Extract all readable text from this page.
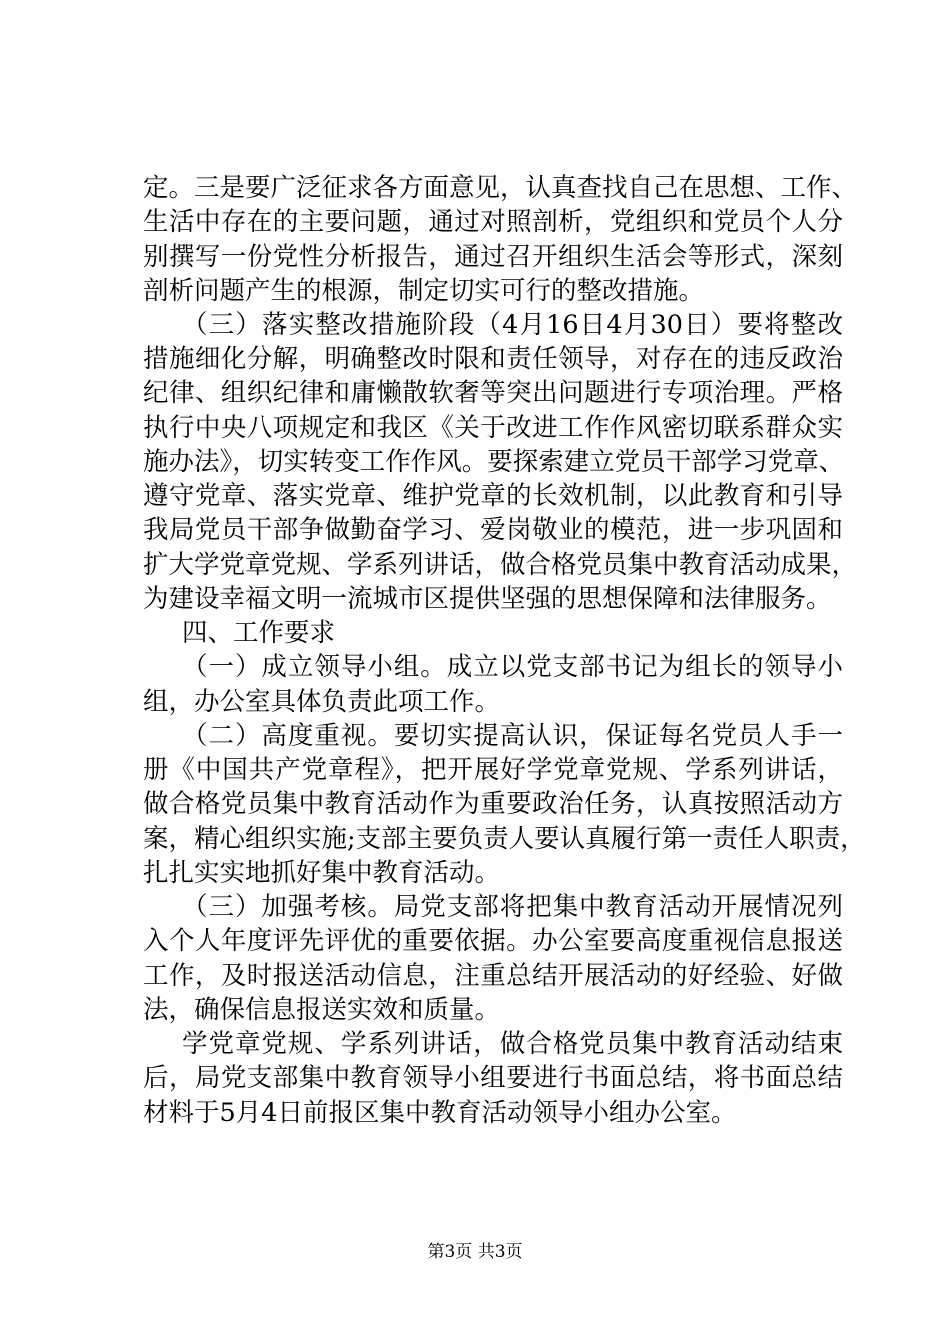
定。三是要广泛征求各方面意见，认真查找自己在思想、工作、
生活中存在的主要问题，通过对照剖析，党组织和党员个人分
别撰写一份党性分析报告，通过召开组织生活会等形式，深刻
剖析问题产生的根源，制定切实可行的整改措施。
（三）落实整改措施阶段（4月16日4月30日）要将整改
措施细化分解，明确整改时限和责任领导，对存在的违反政治
纪律、组织纪律和庸懒散软奢等突出问题进行专项治理。严格
执行中央八项规定和我区《关于改进工作作风密切联系群众实
施办法》，切实转变工作作风。要探索建立党员干部学习党章、
遵守党章、落实党章、维护党章的长效机制，以此教育和引导
我局党员干部争做勤奋学习、爱岗敬业的模范，进一步巩固和
扩大学党章党规、学系列讲话，做合格党员集中教育活动成果，
为建设幸福文明一流城市区提供坚强的思想保障和法律服务。
四、工作要求
（一）成立领导小组。成立以党支部书记为组长的领导小
组，办公室具体负责此项工作。
（二）高度重视。要切实提高认识，保证每名党员人手一
册《中国共产党章程》，把开展好学党章党规、学系列讲话，
做合格党员集中教育活动作为重要政治任务，认真按照活动方
案，精心组织实施;支部主要负责人要认真履行第一责任人职责，
扎扎实实地抓好集中教育活动。
（三）加强考核。局党支部将把集中教育活动开展情况列
入个人年度评先评优的重要依据。办公室要高度重视信息报送
工作，及时报送活动信息，注重总结开展活动的好经验、好做
法，确保信息报送实效和质量。
学党章党规、学系列讲话，做合格党员集中教育活动结束
后，局党支部集中教育领导小组要进行书面总结，将书面总结
材料于5月4日前报区集中教育活动领导小组办公室。
第3页 共3页
